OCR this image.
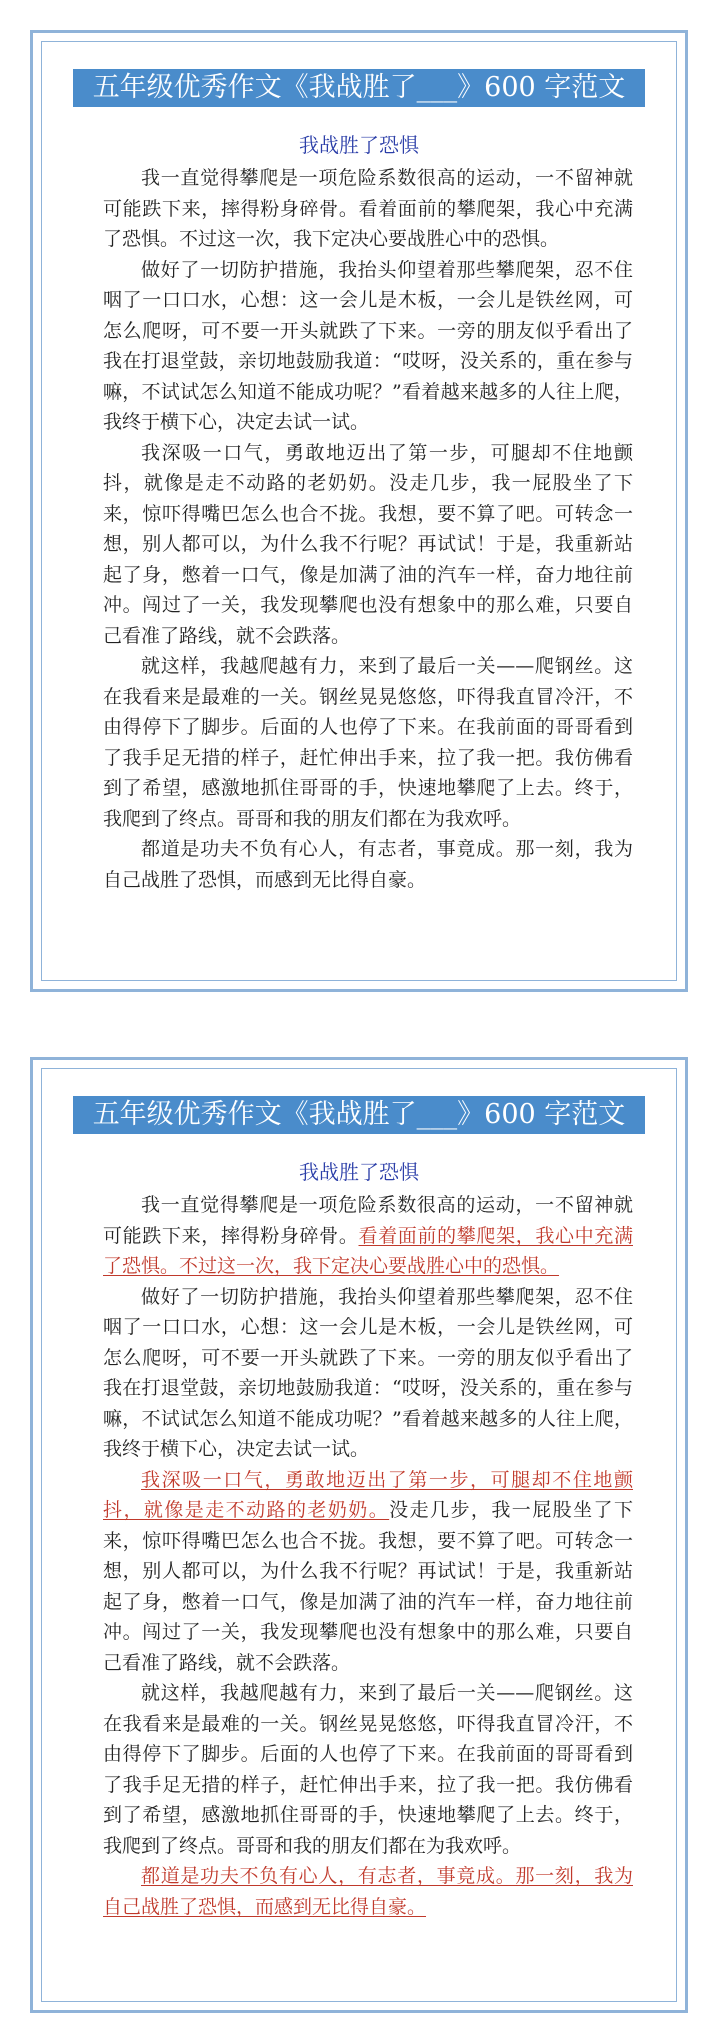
五年级优秀作文《我战胜了___》600 字范文
我战胜了恐惧

我一直觉得攀爬是一项危险系数很高的运动，一不留神就可能跌下来，摔得粉身碎骨。看着面前的攀爬架，我心中充满了恐惧。不过这一次，我下定决心要战胜心中的恐惧。

做好了一切防护措施，我抬头仰望着那些攀爬架，忍不住咽了一口口水，心想：这一会儿是木板，一会儿是铁丝网，可怎么爬呀，可不要一开头就跌了下来。一旁的朋友似乎看出了我在打退堂鼓，亲切地鼓励我道：“哎呀，没关系的，重在参与嘛，不试试怎么知道不能成功呢？”看着越来越多的人往上爬，我终于横下心，决定去试一试。

我深吸一口气，勇敢地迈出了第一步，可腿却不住地颤抖，就像是走不动路的老奶奶。没走几步，我一屁股坐了下来，惊吓得嘴巴怎么也合不拢。我想，要不算了吧。可转念一想，别人都可以，为什么我不行呢？再试试！于是，我重新站起了身，憋着一口气，像是加满了油的汽车一样，奋力地往前冲。闯过了一关，我发现攀爬也没有想象中的那么难，只要自己看准了路线，就不会跌落。

就这样，我越爬越有力，来到了最后一关——爬钢丝。这在我看来是最难的一关。钢丝晃晃悠悠，吓得我直冒冷汗，不由得停下了脚步。后面的人也停了下来。在我前面的哥哥看到了我手足无措的样子，赶忙伸出手来，拉了我一把。我仿佛看到了希望，感激地抓住哥哥的手，快速地攀爬了上去。终于，我爬到了终点。哥哥和我的朋友们都在为我欢呼。

都道是功夫不负有心人，有志者，事竟成。那一刻，我为自己战胜了恐惧，而感到无比得自豪。

五年级优秀作文《我战胜了___》600 字范文
我战胜了恐惧

我一直觉得攀爬是一项危险系数很高的运动，一不留神就可能跌下来，摔得粉身碎骨。看着面前的攀爬架，我心中充满了恐惧。不过这一次，我下定决心要战胜心中的恐惧。

做好了一切防护措施，我抬头仰望着那些攀爬架，忍不住咽了一口口水，心想：这一会儿是木板，一会儿是铁丝网，可怎么爬呀，可不要一开头就跌了下来。一旁的朋友似乎看出了我在打退堂鼓，亲切地鼓励我道：“哎呀，没关系的，重在参与嘛，不试试怎么知道不能成功呢？”看着越来越多的人往上爬，我终于横下心，决定去试一试。

我深吸一口气，勇敢地迈出了第一步，可腿却不住地颤抖，就像是走不动路的老奶奶。没走几步，我一屁股坐了下来，惊吓得嘴巴怎么也合不拢。我想，要不算了吧。可转念一想，别人都可以，为什么我不行呢？再试试！于是，我重新站起了身，憋着一口气，像是加满了油的汽车一样，奋力地往前冲。闯过了一关，我发现攀爬也没有想象中的那么难，只要自己看准了路线，就不会跌落。

就这样，我越爬越有力，来到了最后一关——爬钢丝。这在我看来是最难的一关。钢丝晃晃悠悠，吓得我直冒冷汗，不由得停下了脚步。后面的人也停了下来。在我前面的哥哥看到了我手足无措的样子，赶忙伸出手来，拉了我一把。我仿佛看到了希望，感激地抓住哥哥的手，快速地攀爬了上去。终于，我爬到了终点。哥哥和我的朋友们都在为我欢呼。

都道是功夫不负有心人，有志者，事竟成。那一刻，我为自己战胜了恐惧，而感到无比得自豪。
